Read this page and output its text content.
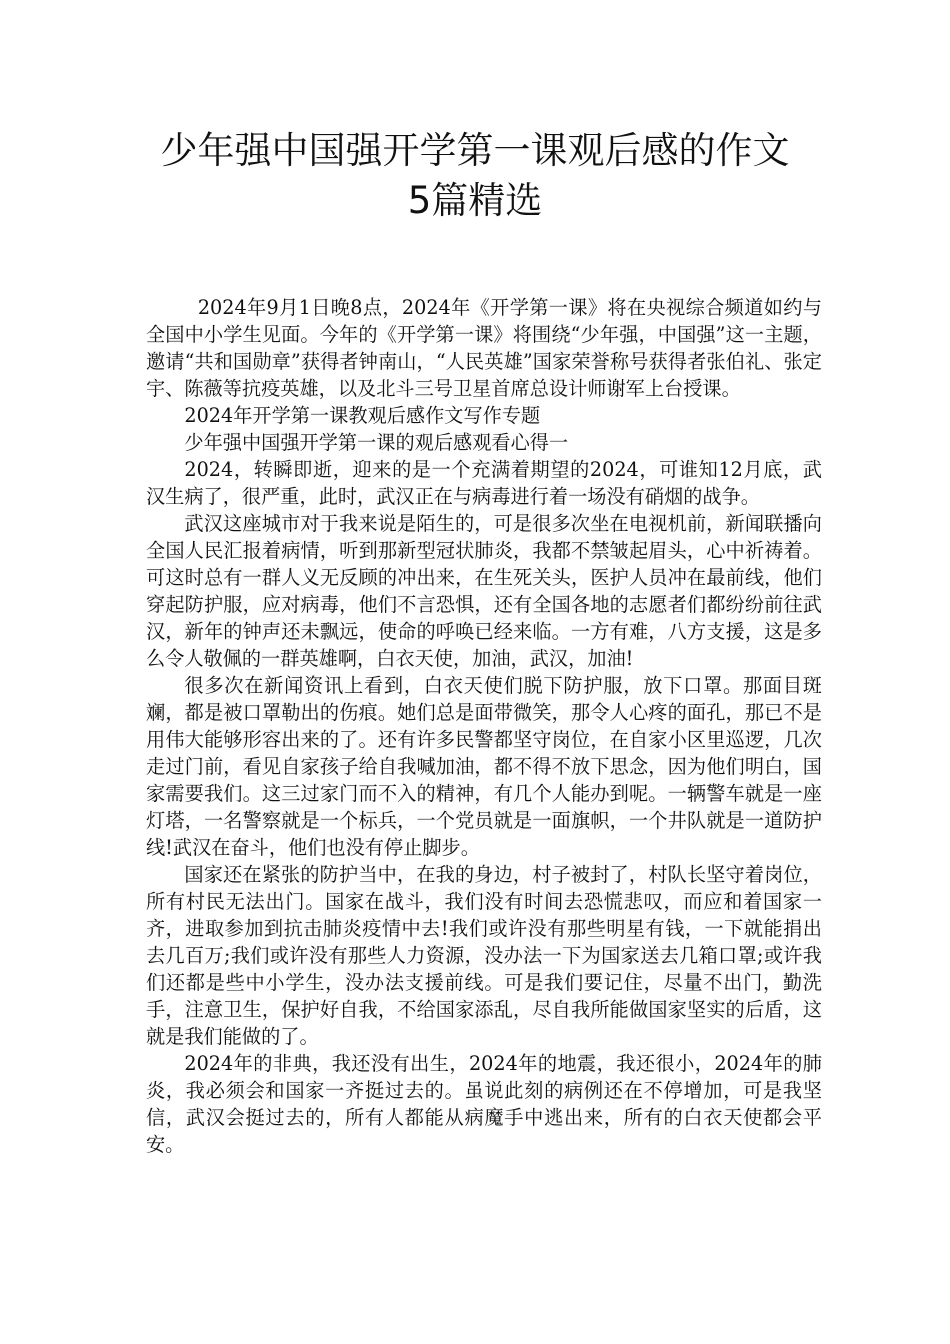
少年强中国强开学第一课观后感的作文
5篇精选

2024年9月1日晚8点，2024年《开学第一课》将在央视综合频道如约与全国中小学生见面。今年的《开学第一课》将围绕“少年强，中国强”这一主题，邀请“共和国勋章”获得者钟南山，“人民英雄”国家荣誉称号获得者张伯礼、张定宇、陈薇等抗疫英雄，以及北斗三号卫星首席总设计师谢军上台授课。

2024年开学第一课教观后感作文写作专题

少年强中国强开学第一课的观后感观看心得一

2024，转瞬即逝，迎来的是一个充满着期望的2024，可谁知12月底，武汉生病了，很严重，此时，武汉正在与病毒进行着一场没有硝烟的战争。

武汉这座城市对于我来说是陌生的，可是很多次坐在电视机前，新闻联播向全国人民汇报着病情，听到那新型冠状肺炎，我都不禁皱起眉头，心中祈祷着。可这时总有一群人义无反顾的冲出来，在生死关头，医护人员冲在最前线，他们穿起防护服，应对病毒，他们不言恐惧，还有全国各地的志愿者们都纷纷前往武汉，新年的钟声还未飘远，使命的呼唤已经来临。一方有难，八方支援，这是多么令人敬佩的一群英雄啊，白衣天使，加油，武汉，加油!

很多次在新闻资讯上看到，白衣天使们脱下防护服，放下口罩。那面目斑斓，都是被口罩勒出的伤痕。她们总是面带微笑，那令人心疼的面孔，那已不是用伟大能够形容出来的了。还有许多民警都坚守岗位，在自家小区里巡逻，几次走过门前，看见自家孩子给自我喊加油，都不得不放下思念，因为他们明白，国家需要我们。这三过家门而不入的精神，有几个人能办到呢。一辆警车就是一座灯塔，一名警察就是一个标兵，一个党员就是一面旗帜，一个井队就是一道防护线!武汉在奋斗，他们也没有停止脚步。

国家还在紧张的防护当中，在我的身边，村子被封了，村队长坚守着岗位，所有村民无法出门。国家在战斗，我们没有时间去恐慌悲叹，而应和着国家一齐，进取参加到抗击肺炎疫情中去!我们或许没有那些明星有钱，一下就能捐出去几百万;我们或许没有那些人力资源，没办法一下为国家送去几箱口罩;或许我们还都是些中小学生，没办法支援前线。可是我们要记住，尽量不出门，勤洗手，注意卫生，保护好自我，不给国家添乱，尽自我所能做国家坚实的后盾，这就是我们能做的了。

2024年的非典，我还没有出生，2024年的地震，我还很小，2024年的肺炎，我必须会和国家一齐挺过去的。虽说此刻的病例还在不停增加，可是我坚信，武汉会挺过去的，所有人都能从病魔手中逃出来，所有的白衣天使都会平安。
